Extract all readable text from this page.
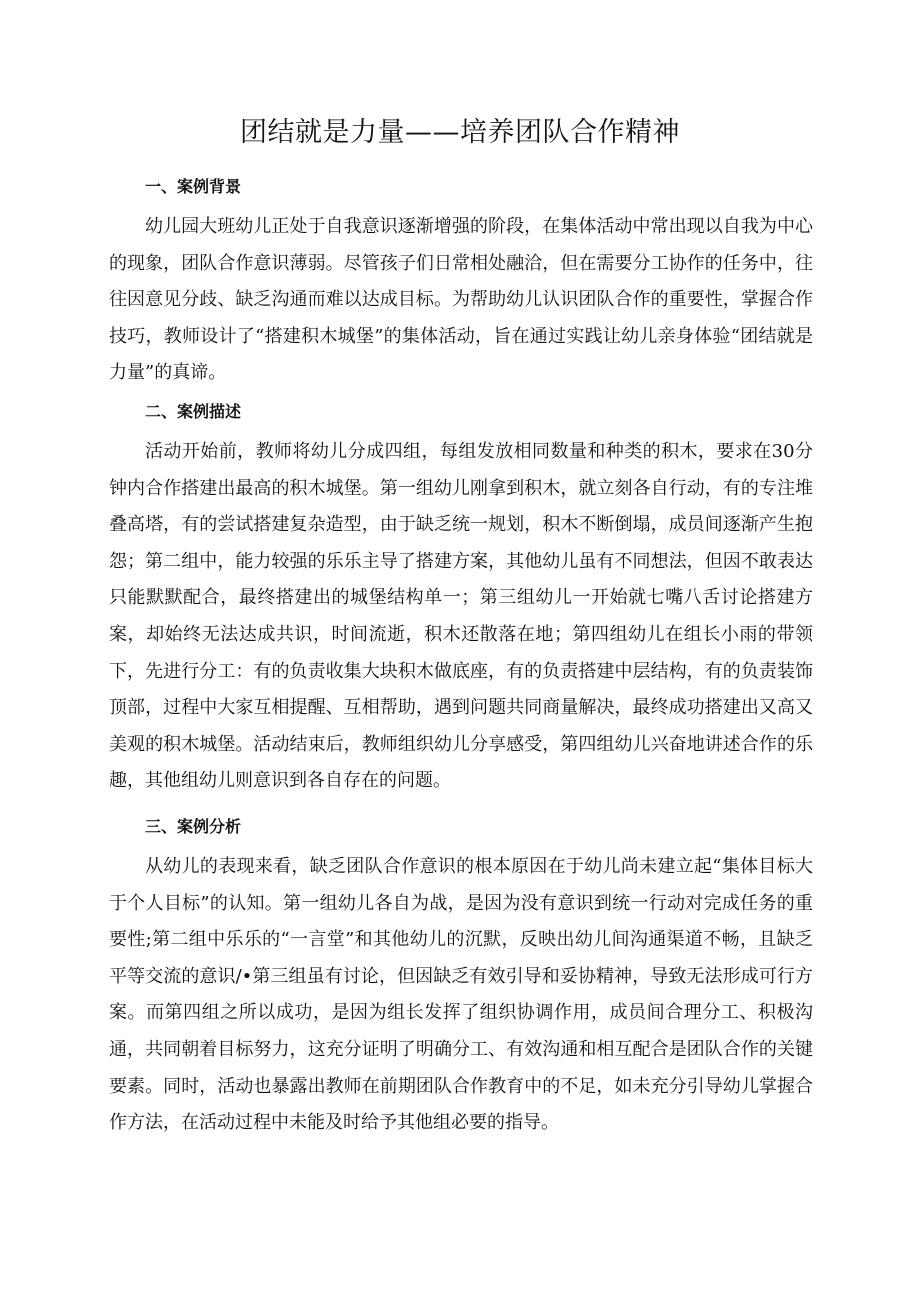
团结就是力量——培养团队合作精神
一、案例背景

幼儿园大班幼儿正处于自我意识逐渐增强的阶段，在集体活动中常出现以自我为中心的现象，团队合作意识薄弱。尽管孩子们日常相处融洽，但在需要分工协作的任务中，往往因意见分歧、缺乏沟通而难以达成目标。为帮助幼儿认识团队合作的重要性，掌握合作技巧，教师设计了“搭建积木城堡”的集体活动，旨在通过实践让幼儿亲身体验“团结就是力量”的真谛。

二、案例描述

活动开始前，教师将幼儿分成四组，每组发放相同数量和种类的积木，要求在30分钟内合作搭建出最高的积木城堡。第一组幼儿刚拿到积木，就立刻各自行动，有的专注堆叠高塔，有的尝试搭建复杂造型，由于缺乏统一规划，积木不断倒塌，成员间逐渐产生抱怨；第二组中，能力较强的乐乐主导了搭建方案，其他幼儿虽有不同想法，但因不敢表达只能默默配合，最终搭建出的城堡结构单一；第三组幼儿一开始就七嘴八舌讨论搭建方案，却始终无法达成共识，时间流逝，积木还散落在地；第四组幼儿在组长小雨的带领下，先进行分工：有的负责收集大块积木做底座，有的负责搭建中层结构，有的负责装饰顶部，过程中大家互相提醒、互相帮助，遇到问题共同商量解决，最终成功搭建出又高又美观的积木城堡。活动结束后，教师组织幼儿分享感受，第四组幼儿兴奋地讲述合作的乐趣，其他组幼儿则意识到各自存在的问题。

三、案例分析

从幼儿的表现来看，缺乏团队合作意识的根本原因在于幼儿尚未建立起“集体目标大于个人目标”的认知。第一组幼儿各自为战，是因为没有意识到统一行动对完成任务的重要性;第二组中乐乐的“一言堂”和其他幼儿的沉默，反映出幼儿间沟通渠道不畅，且缺乏平等交流的意识/•第三组虽有讨论，但因缺乏有效引导和妥协精神，导致无法形成可行方案。而第四组之所以成功，是因为组长发挥了组织协调作用，成员间合理分工、积极沟通，共同朝着目标努力，这充分证明了明确分工、有效沟通和相互配合是团队合作的关键要素。同时，活动也暴露出教师在前期团队合作教育中的不足，如未充分引导幼儿掌握合作方法，在活动过程中未能及时给予其他组必要的指导。
